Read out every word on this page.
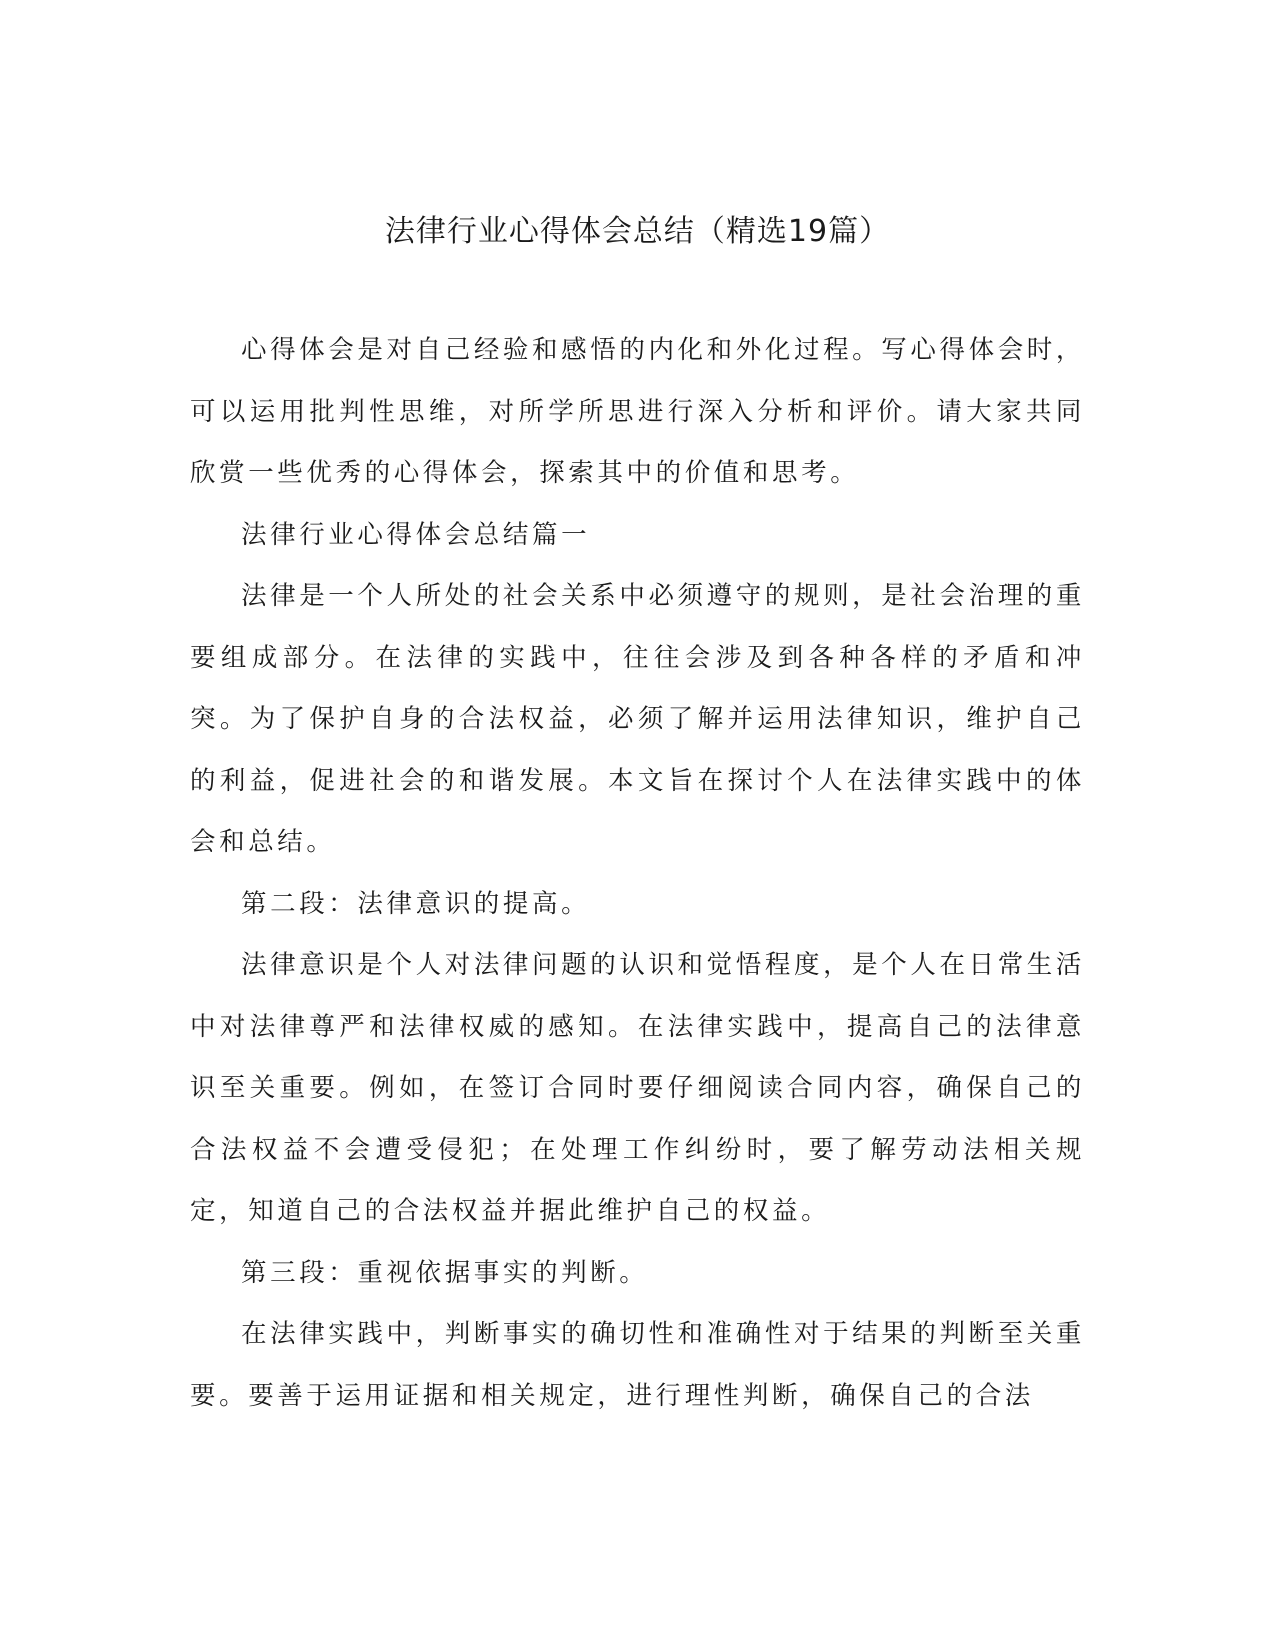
法律行业心得体会总结（精选19篇）

心得体会是对自己经验和感悟的内化和外化过程。写心得体会时，可以运用批判性思维，对所学所思进行深入分析和评价。请大家共同欣赏一些优秀的心得体会，探索其中的价值和思考。

法律行业心得体会总结篇一

法律是一个人所处的社会关系中必须遵守的规则，是社会治理的重要组成部分。在法律的实践中，往往会涉及到各种各样的矛盾和冲突。为了保护自身的合法权益，必须了解并运用法律知识，维护自己的利益，促进社会的和谐发展。本文旨在探讨个人在法律实践中的体会和总结。

第二段：法律意识的提高。

法律意识是个人对法律问题的认识和觉悟程度，是个人在日常生活中对法律尊严和法律权威的感知。在法律实践中，提高自己的法律意识至关重要。例如，在签订合同时要仔细阅读合同内容，确保自己的合法权益不会遭受侵犯；在处理工作纠纷时，要了解劳动法相关规定，知道自己的合法权益并据此维护自己的权益。

第三段：重视依据事实的判断。

在法律实践中，判断事实的确切性和准确性对于结果的判断至关重要。要善于运用证据和相关规定，进行理性判断，确保自己的合法
